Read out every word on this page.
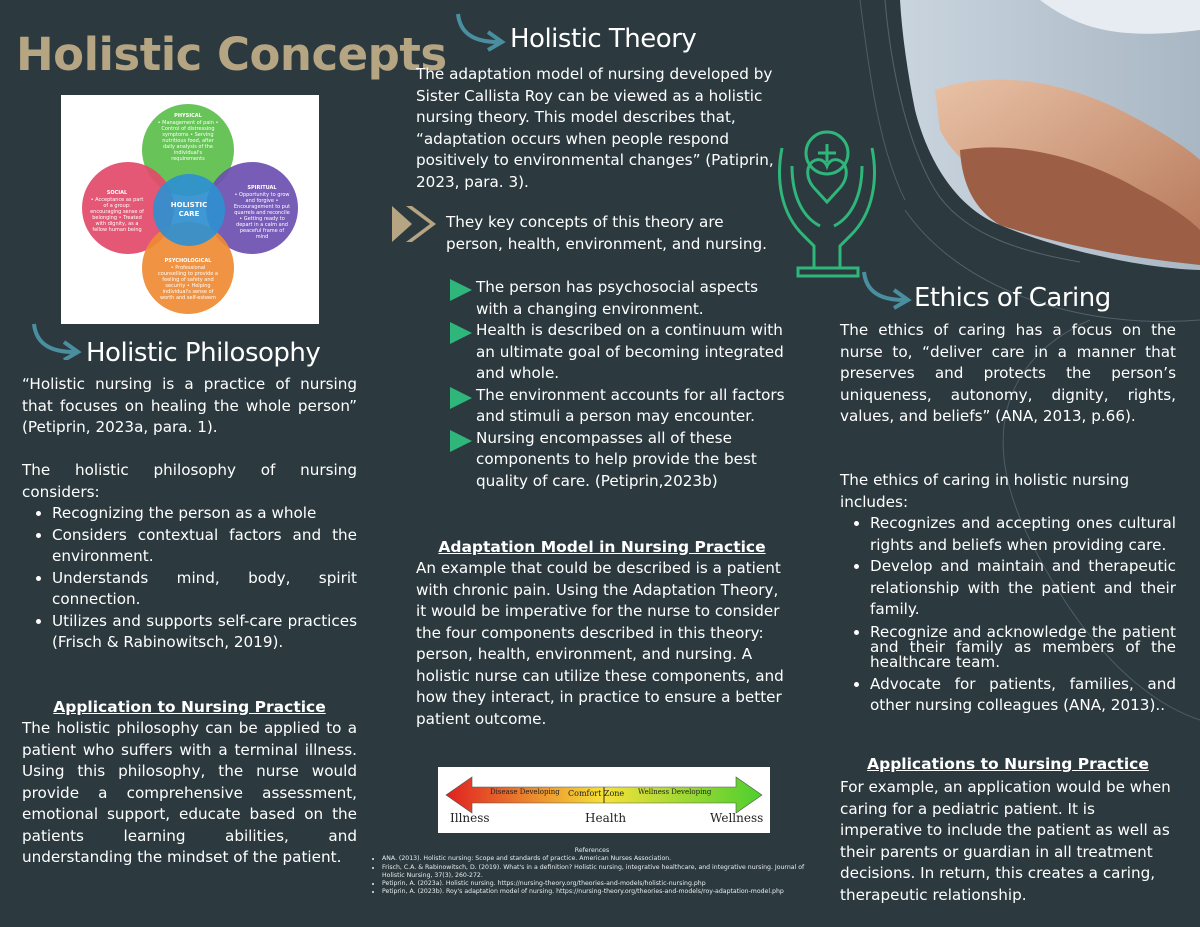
Holistic Concepts
HOLISTIC CARE
PHYSICAL
• Management of pain • Control of distressing symptoms • Serving nutritious food, after daily analysis of the individual's requirements
SOCIAL
• Acceptance as part of a group: encouraging sense of belonging • Treated with dignity, as a fellow human being
SPIRITUAL
• Opportunity to grow and forgive • Encouragement to put quarrels and reconcile • Getting ready to depart in a calm and peaceful frame of mind
PSYCHOLOGICAL
• Professional counselling to provide a feeling of safety and security • Helping individual's sense of worth and self-esteem
Holistic Philosophy
“Holistic nursing is a practice of nursing that focuses on healing the whole person” (Petiprin, 2023a, para. 1).
The holistic philosophy of nursing considers:
• Recognizing the person as a whole
• Considers contextual factors and the environment.
• Understands mind, body, spirit connection.
• Utilizes and supports self-care practices (Frisch & Rabinowitsch, 2019).
Application to Nursing Practice
The holistic philosophy can be applied to a patient who suffers with a terminal illness. Using this philosophy, the nurse would provide a comprehensive assessment, emotional support, educate based on the patients learning abilities, and understanding the mindset of the patient.
Holistic Theory
The adaptation model of nursing developed by Sister Callista Roy can be viewed as a holistic nursing theory. This model describes that, “adaptation occurs when people respond positively to environmental changes” (Patiprin, 2023, para. 3).
They key concepts of this theory are person, health, environment, and nursing.
The person has psychosocial aspects with a changing environment.
Health is described on a continuum with an ultimate goal of becoming integrated and whole.
The environment accounts for all factors and stimuli a person may encounter.
Nursing encompasses all of these components to help provide the best quality of care. (Petiprin,2023b)
Adaptation Model in Nursing Practice
An example that could be described is a patient with chronic pain. Using the Adaptation Theory, it would be imperative for the nurse to consider the four components described in this theory: person, health, environment, and nursing. A holistic nurse can utilize these components, and how they interact, in practice to ensure a better patient outcome.
Disease Developing Comfort Zone Wellness Developing
Illness	Health	Wellness
References
• ANA. (2013). Holistic nursing: Scope and standards of practice. American Nurses Association.
• Frisch, C.A. & Rabinowitsch, D. (2019). What's in a definition? Holistic nursing, integrative healthcare, and integrative nursing. Journal of Holistic Nursing, 37(3), 260-272.
• Petiprin, A. (2023a). Holistic nursing. https://nursing-theory.org/theories-and-models/holistic-nursing.php
• Petiprin, A. (2023b). Roy's adaptation model of nursing. https://nursing-theory.org/theories-and-models/roy-adaptation-model.php
Ethics of Caring
The ethics of caring has a focus on the nurse to, “deliver care in a manner that preserves and protects the person’s uniqueness, autonomy, dignity, rights, values, and beliefs” (ANA, 2013, p.66).
The ethics of caring in holistic nursing includes:
• Recognizes and accepting ones cultural rights and beliefs when providing care.
• Develop and maintain and therapeutic relationship with the patient and their family.
• Recognize and acknowledge the patient and their family as members of the healthcare team.
• Advocate for patients, families, and other nursing colleagues (ANA, 2013)..
Applications to Nursing Practice
For example, an application would be when caring for a pediatric patient. It is imperative to include the patient as well as their parents or guardian in all treatment decisions. In return, this creates a caring, therapeutic relationship.
